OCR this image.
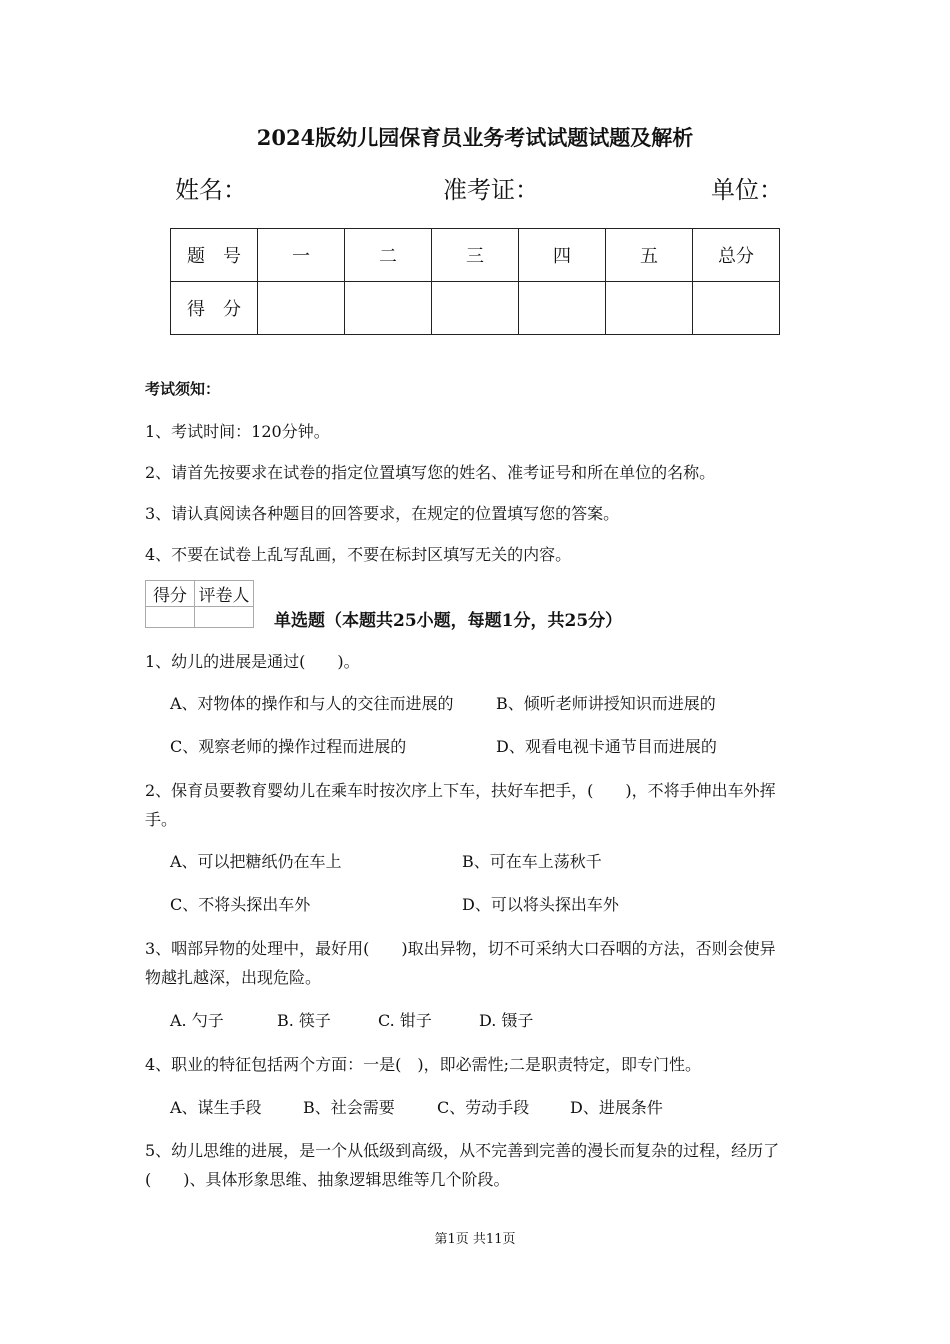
2024版幼儿园保育员业务考试试题试题及解析
姓名：	准考证：	单位：
题　号	一	二	三	四	五	总分
得　分						
考试须知：
1、考试时间：120分钟。
2、请首先按要求在试卷的指定位置填写您的姓名、准考证号和所在单位的名称。
3、请认真阅读各种题目的回答要求，在规定的位置填写您的答案。
4、不要在试卷上乱写乱画，不要在标封区填写无关的内容。
得分	评卷人

单选题（本题共25小题，每题1分，共25分）
1、幼儿的进展是通过(　　)。
A、对物体的操作和与人的交往而进展的	B、倾听老师讲授知识而进展的
C、观察老师的操作过程而进展的	D、观看电视卡通节目而进展的
2、保育员要教育婴幼儿在乘车时按次序上下车，扶好车把手，(　　)，不将手伸出车外挥
手。
A、可以把糖纸仍在车上	B、可在车上荡秋千
C、不将头探出车外	D、可以将头探出车外
3、咽部异物的处理中，最好用(　　)取出异物，切不可采纳大口吞咽的方法，否则会使异
物越扎越深，出现危险。
A. 勺子	B. 筷子	C. 钳子	D. 镊子
4、职业的特征包括两个方面：一是(　)，即必需性;二是职责特定，即专门性。
A、谋生手段	B、社会需要	C、劳动手段	D、进展条件
5、幼儿思维的进展，是一个从低级到高级，从不完善到完善的漫长而复杂的过程，经历了
(　　)、具体形象思维、抽象逻辑思维等几个阶段。
第1页 共11页
